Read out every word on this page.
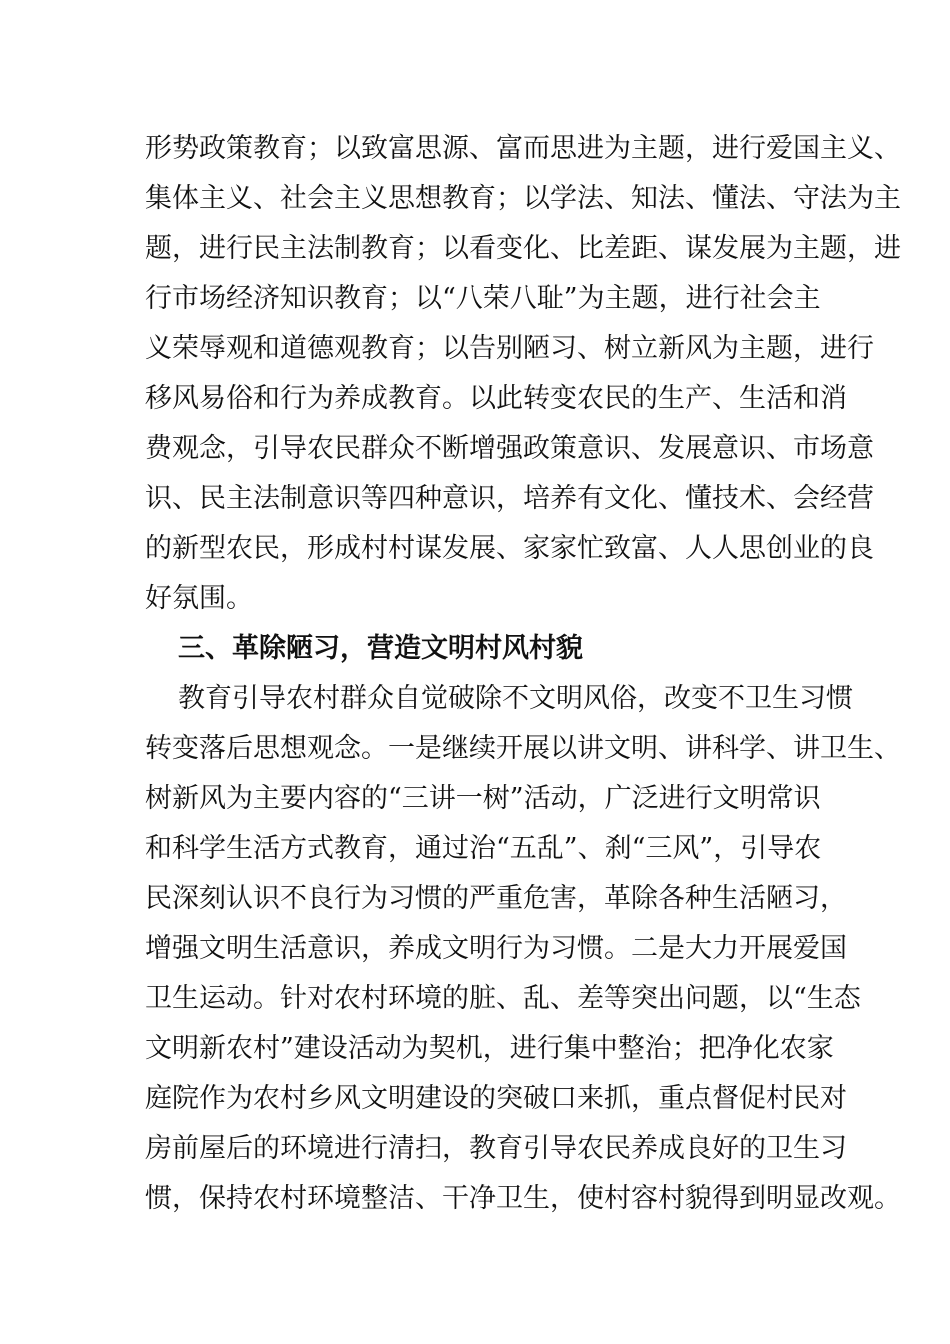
形势政策教育；以致富思源、富而思进为主题，进行爱国主义、
集体主义、社会主义思想教育；以学法、知法、懂法、守法为主
题，进行民主法制教育；以看变化、比差距、谋发展为主题，进
行市场经济知识教育；以“八荣八耻”为主题，进行社会主
义荣辱观和道德观教育；以告别陋习、树立新风为主题，进行
移风易俗和行为养成教育。以此转变农民的生产、生活和消
费观念，引导农民群众不断增强政策意识、发展意识、市场意
识、民主法制意识等四种意识，培养有文化、懂技术、会经营
的新型农民，形成村村谋发展、家家忙致富、人人思创业的良
好氛围。
三、革除陋习，营造文明村风村貌
教育引导农村群众自觉破除不文明风俗，改变不卫生习惯
转变落后思想观念。一是继续开展以讲文明、讲科学、讲卫生、
树新风为主要内容的“三讲一树”活动，广泛进行文明常识
和科学生活方式教育，通过治“五乱”、刹“三风”，引导农
民深刻认识不良行为习惯的严重危害，革除各种生活陋习，
增强文明生活意识，养成文明行为习惯。二是大力开展爱国
卫生运动。针对农村环境的脏、乱、差等突出问题，以“生态
文明新农村”建设活动为契机，进行集中整治；把净化农家
庭院作为农村乡风文明建设的突破口来抓，重点督促村民对
房前屋后的环境进行清扫，教育引导农民养成良好的卫生习
惯，保持农村环境整洁、干净卫生，使村容村貌得到明显改观。
